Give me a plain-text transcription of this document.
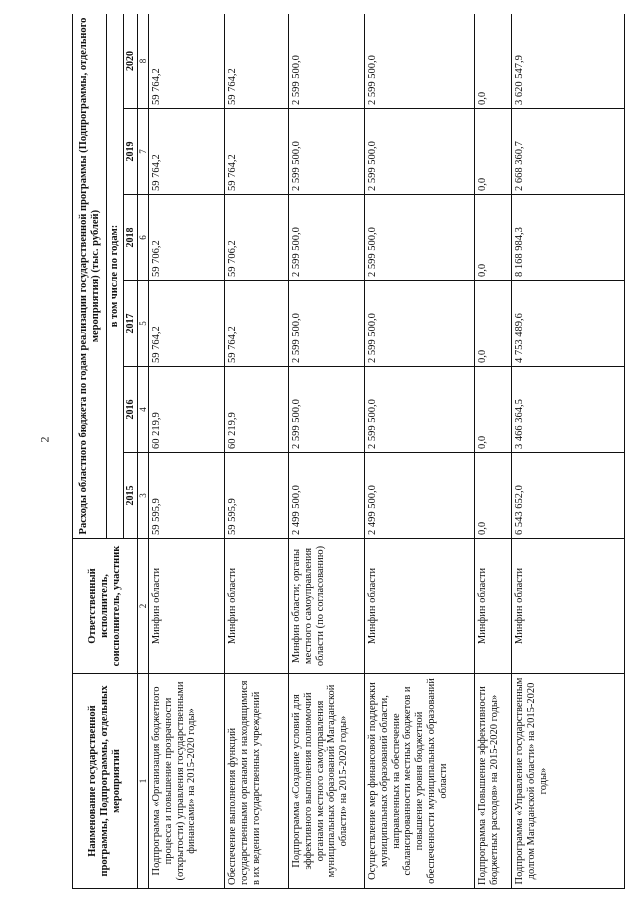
2
Наименование государственной программы, Подпрограммы, отдельных мероприятий	Ответственный исполнитель, соисполнитель, участник	Расходы областного бюджета по годам реализации государственной программы (Подпрограммы, отдельного мероприятия) (тыс. рублей)					
		в том числе по годам:					
		2015	2016	2017	2018	2019	2020
1	2	3	4	5	6	7	8
Подпрограмма «Организация бюджетного процесса и повышение прозрачности (открытости) управления государственными финансами» на 2015-2020 годы»	Минфин области	59 595,9	60 219,9	59 764,2	59 706,2	59 764,2	59 764,2
Обеспечение выполнения функций государственными органами и находящимися в их ведении государственных учреждений	Минфин области	59 595,9	60 219,9	59 764,2	59 706,2	59 764,2	59 764,2
Подпрограмма «Создание условий для эффективного выполнения полномочий органами местного самоуправления муниципальных образований Магаданской области» на 2015-2020 годы»	Минфин области; органы местного самоуправления области (по согласованию)	2 499 500,0	2 599 500,0	2 599 500,0	2 599 500,0	2 599 500,0	2 599 500,0
Осуществление мер финансовой поддержки муниципальных образований области, направленных на обеспечение сбалансированности местных бюджетов и повышение уровня бюджетной обеспеченности муниципальных образований области	Минфин области	2 499 500,0	2 599 500,0	2 599 500,0	2 599 500,0	2 599 500,0	2 599 500,0
Подпрограмма «Повышение эффективности бюджетных расходов» на 2015-2020 годы»	Минфин области	0,0	0,0	0,0	0,0	0,0	0,0
Подпрограмма «Управление государственным долгом Магаданской области» на 2015-2020 годы»	Минфин области	6 543 652,0	3 466 364,5	4 753 489,6	8 168 984,3	2 668 360,7	3 620 547,9
